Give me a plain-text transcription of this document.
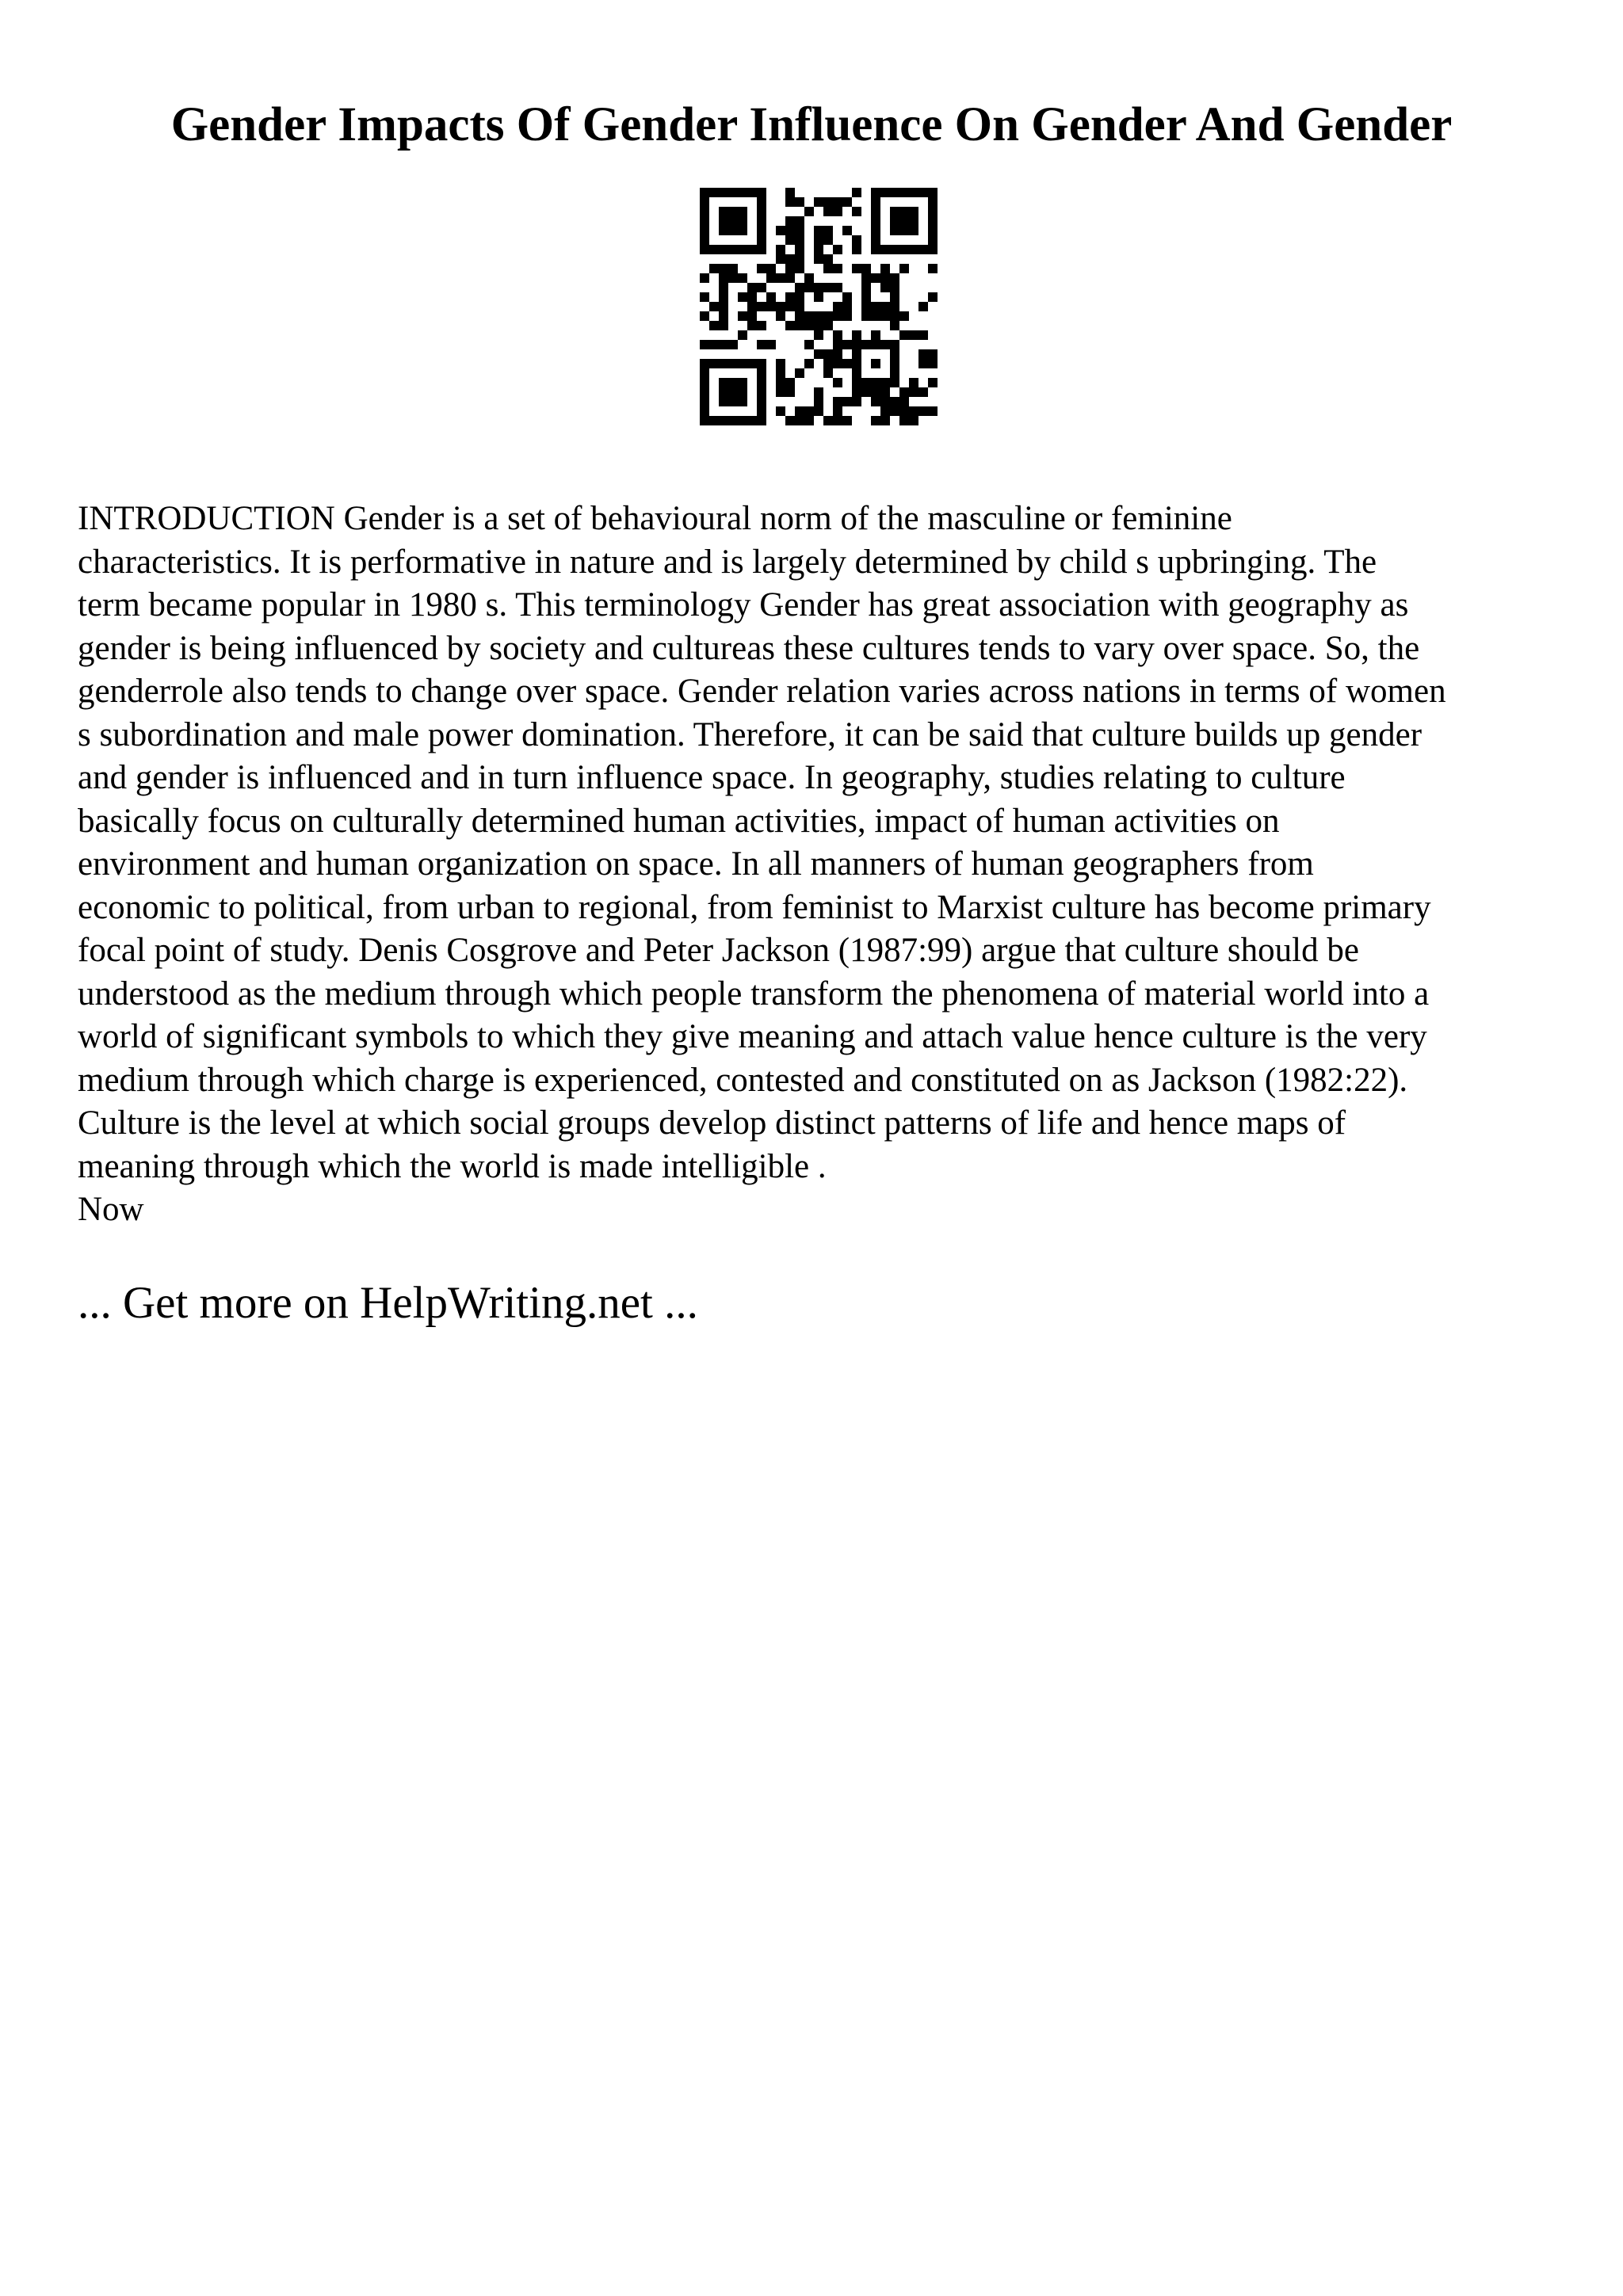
Gender Impacts Of Gender Influence On Gender And Gender
INTRODUCTION Gender is a set of behavioural norm of the masculine or feminine
characteristics. It is performative in nature and is largely determined by child s upbringing. The
term became popular in 1980 s. This terminology Gender has great association with geography as
gender is being influenced by society and cultureas these cultures tends to vary over space. So, the
genderrole also tends to change over space. Gender relation varies across nations in terms of women
s subordination and male power domination. Therefore, it can be said that culture builds up gender
and gender is influenced and in turn influence space. In geography, studies relating to culture
basically focus on culturally determined human activities, impact of human activities on
environment and human organization on space. In all manners of human geographers from
economic to political, from urban to regional, from feminist to Marxist culture has become primary
focal point of study. Denis Cosgrove and Peter Jackson (1987:99) argue that culture should be
understood as the medium through which people transform the phenomena of material world into a
world of significant symbols to which they give meaning and attach value hence culture is the very
medium through which charge is experienced, contested and constituted on as Jackson (1982:22).
Culture is the level at which social groups develop distinct patterns of life and hence maps of
meaning through which the world is made intelligible .
Now
... Get more on HelpWriting.net ...
